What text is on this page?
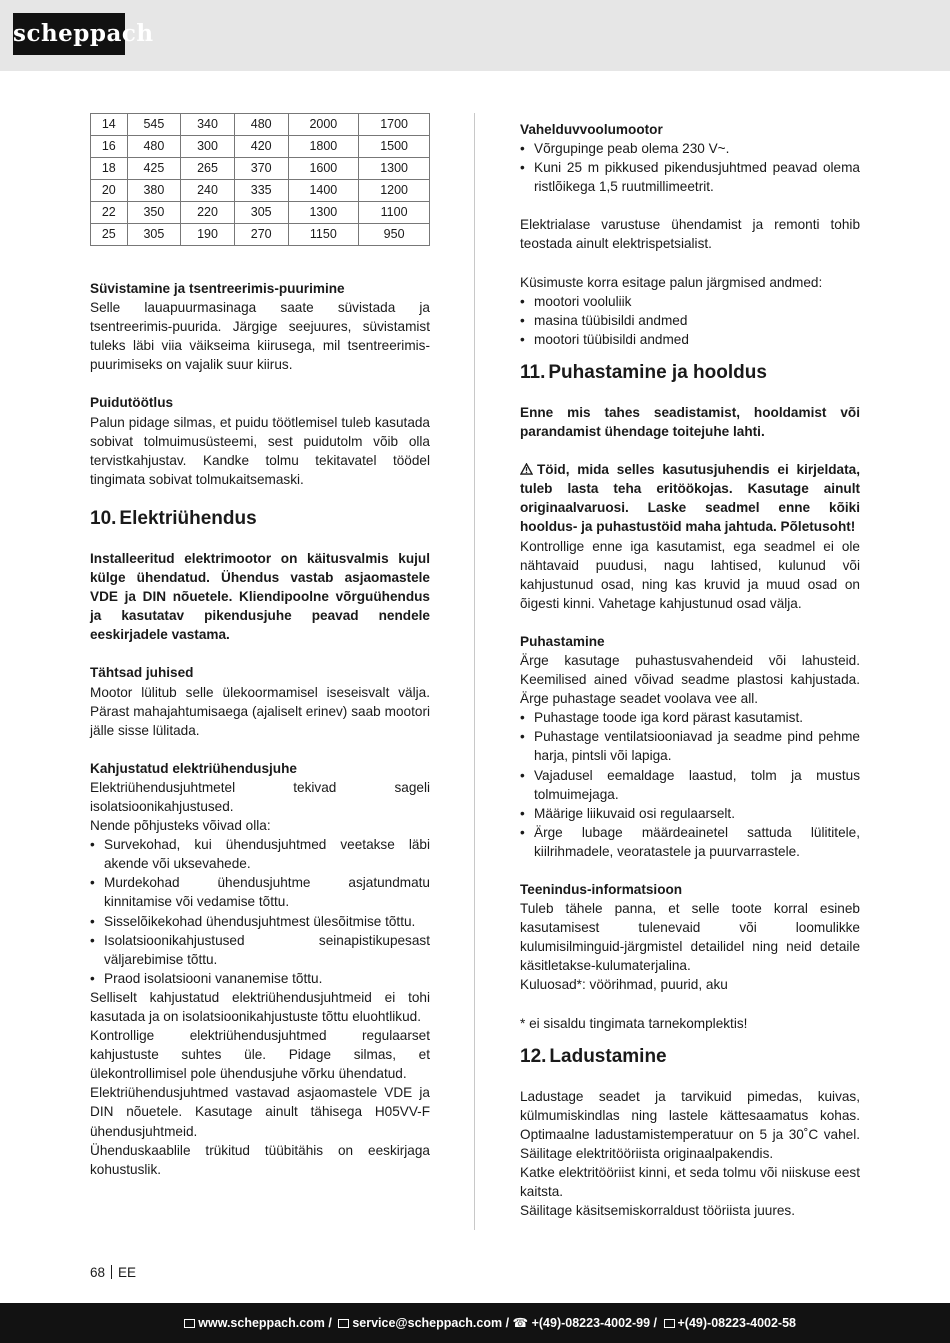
scheppach
14	545	340	480	2000	1700
16	480	300	420	1800	1500
18	425	265	370	1600	1300
20	380	240	335	1400	1200
22	350	220	305	1300	1100
25	305	190	270	1150	950

Süvistamine ja tsentreerimis-puurimine

Selle lauapuurmasinaga saate süvistada ja tsentreerimis-puurida. Järgige seejuures, süvistamist tuleks läbi viia väikseima kiirusega, mil tsentreerimis-puurimiseks on vajalik suur kiirus.

Puidutöötlus

Palun pidage silmas, et puidu töötlemisel tuleb kasutada sobivat tolmuimusüsteemi, sest puidutolm võib olla tervistkahjustav. Kandke tolmu tekitavatel töödel tingimata sobivat tolmukaitsemaski.

10. Elektriühendus

Installeeritud elektrimootor on käitusvalmis kujul külge ühendatud. Ühendus vastab asjaomastele VDE ja DIN nõuetele. Kliendipoolne võrguühendus ja kasutatav pikendusjuhe peavad nendele eeskirjadele vastama.

Tähtsad juhised

Mootor lülitub selle ülekoormamisel iseseisvalt välja. Pärast mahajahtumisaega (ajaliselt erinev) saab mootori jälle sisse lülitada.

Kahjustatud elektriühendusjuhe

Elektriühendusjuhtmetel tekivad sageli isolatsioonikahjustused.

Nende põhjusteks võivad olla:

• Survekohad, kui ühendusjuhtmed veetakse läbi akende või uksevahede.
• Murdekohad ühendusjuhtme asjatundmatu kinnitamise või vedamise tõttu.
• Sisselõikekohad ühendusjuhtmest ülesõitmise tõttu.
• Isolatsioonikahjustused seinapistikupesast väljarebimise tõttu.
• Praod isolatsiooni vananemise tõttu.

Selliselt kahjustatud elektriühendusjuhtmeid ei tohi kasutada ja on isolatsioonikahjustuste tõttu eluohtlikud.

Kontrollige elektriühendusjuhtmed regulaarset kahjustuste suhtes üle. Pidage silmas, et ülekontrollimisel pole ühendusjuhe võrku ühendatud.

Elektriühendusjuhtmed vastavad asjaomastele VDE ja DIN nõuetele. Kasutage ainult tähisega H05VV-F ühendusjuhtmeid.

Ühenduskaablile trükitud tüübitähis on eeskirjaga kohustuslik.

Vahelduvvoolumootor

• Võrgupinge peab olema 230 V~.
• Kuni 25 m pikkused pikendusjuhtmed peavad olema ristlõikega 1,5 ruutmillimeetrit.

Elektrialase varustuse ühendamist ja remonti tohib teostada ainult elektrispetsialist.

Küsimuste korra esitage palun järgmised andmed:

• mootori vooluliik
• masina tüübisildi andmed
• mootori tüübisildi andmed
11. Puhastamine ja hooldus

Enne mis tahes seadistamist, hooldamist või parandamist ühendage toitejuhe lahti.

Töid, mida selles kasutusjuhendis ei kirjeldata, tuleb lasta teha eritöökojas. Kasutage ainult originaalvaruosi. Laske seadmel enne kõiki hooldus- ja puhastustöid maha jahtuda. Põletusoht!

Kontrollige enne iga kasutamist, ega seadmel ei ole nähtavaid puudusi, nagu lahtised, kulunud või kahjustunud osad, ning kas kruvid ja muud osad on õigesti kinni. Vahetage kahjustunud osad välja.

Puhastamine

Ärge kasutage puhastusvahendeid või lahusteid. Keemilised ained võivad seadme plastosi kahjustada. Ärge puhastage seadet voolava vee all.

• Puhastage toode iga kord pärast kasutamist.
• Puhastage ventilatsiooniavad ja seadme pind pehme harja, pintsli või lapiga.
• Vajadusel eemaldage laastud, tolm ja mustus tolmuimejaga.
• Määrige liikuvaid osi regulaarselt.
• Ärge lubage määrdeainetel sattuda lülititele, kiilrihmadele, veoratastele ja puurvarrastele.

Teenindus-informatsioon

Tuleb tähele panna, et selle toote korral esineb kasutamisest tulenevaid või loomulikke kulumisilminguid-järgmistel detailidel ning neid detaile käsitletakse-kulumaterjalina.

Kuluosad*: vöörihmad, puurid, aku

* ei sisaldu tingimata tarnekomplektis!

12. Ladustamine

Ladustage seadet ja tarvikuid pimedas, kuivas, külmumiskindlas ning lastele kättesaamatus kohas. Optimaalne ladustamistemperatuur on 5 ja 30˚C vahel. Säilitage elektritööriista originaalpakendis.

Katke elektritööriist kinni, et seda tolmu või niiskuse eest kaitsta.

Säilitage käsitsemiskorraldust tööriista juures.

68 EE
www.scheppach.com / service@scheppach.com / ☎ +(49)-08223-4002-99 / +(49)-08223-4002-58
